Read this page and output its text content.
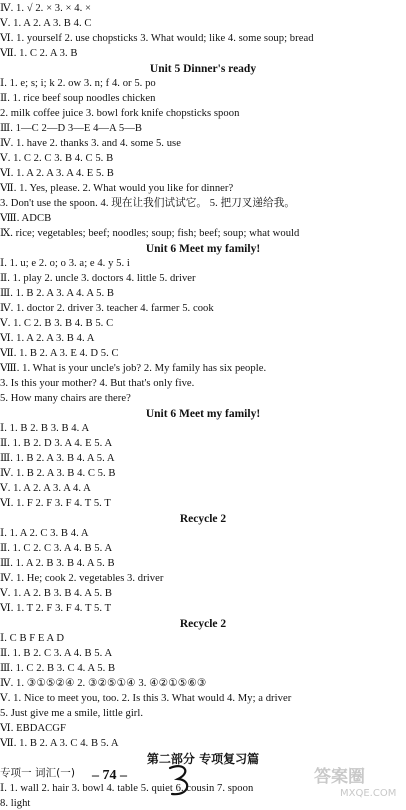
Ⅳ. 1. √ 2. × 3. × 4. ×
Ⅴ. 1. A 2. A 3. B 4. C
Ⅵ. 1. yourself 2. use chopsticks 3. What would; like 4. some soup; bread
Ⅶ. 1. C 2. A 3. B
Unit 5 Dinner's ready
Ⅰ. 1. e; s; i; k 2. ow 3. n; f 4. or 5. po
Ⅱ. 1. rice beef soup noodles chicken
2. milk coffee juice 3. bowl fork knife chopsticks spoon
Ⅲ. 1—C 2—D 3—E 4—A 5—B
Ⅳ. 1. have 2. thanks 3. and 4. some 5. use
Ⅴ. 1. C 2. C 3. B 4. C 5. B
Ⅵ. 1. A 2. A 3. A 4. E 5. B
Ⅶ. 1. Yes, please. 2. What would you like for dinner?
3. Don't use the spoon. 4. 现在让我们试试它。 5. 把刀叉递给我。
Ⅷ. ADCB
Ⅸ. rice; vegetables; beef; noodles; soup; fish; beef; soup; what would
Unit 6 Meet my family!
Ⅰ. 1. u; e 2. o; o 3. a; e 4. y 5. i
Ⅱ. 1. play 2. uncle 3. doctors 4. little 5. driver
Ⅲ. 1. B 2. A 3. A 4. A 5. B
Ⅳ. 1. doctor 2. driver 3. teacher 4. farmer 5. cook
Ⅴ. 1. C 2. B 3. B 4. B 5. C
Ⅵ. 1. A 2. A 3. B 4. A
Ⅶ. 1. B 2. A 3. E 4. D 5. C
Ⅷ. 1. What is your uncle's job? 2. My family has six people.
3. Is this your mother? 4. But that's only five.
5. How many chairs are there?
Unit 6 Meet my family!
Ⅰ. 1. B 2. B 3. B 4. A
Ⅱ. 1. B 2. D 3. A 4. E 5. A
Ⅲ. 1. B 2. A 3. B 4. A 5. A
Ⅳ. 1. B 2. A 3. B 4. C 5. B
Ⅴ. 1. A 2. A 3. A 4. A
Ⅵ. 1. F 2. F 3. F 4. T 5. T
Recycle 2
Ⅰ. 1. A 2. C 3. B 4. A
Ⅱ. 1. C 2. C 3. A 4. B 5. A
Ⅲ. 1. A 2. B 3. B 4. A 5. B
Ⅳ. 1. He; cook 2. vegetables 3. driver
Ⅴ. 1. A 2. B 3. B 4. A 5. B
Ⅵ. 1. T 2. F 3. F 4. T 5. T
Recycle 2
Ⅰ. C B F E A D
Ⅱ. 1. B 2. C 3. A 4. B 5. A
Ⅲ. 1. C 2. B 3. C 4. A 5. B
Ⅳ. 1. ③①⑤②④ 2. ③②⑤①④ 3. ④②①⑤⑥③
Ⅴ. 1. Nice to meet you, too. 2. Is this 3. What would 4. My; a driver
5. Just give me a smile, little girl.
Ⅵ. EBDACGF
Ⅶ. 1. B 2. A 3. C 4. B 5. A
第二部分 专项复习篇
专项一 词汇(一)
Ⅰ. 1. wall 2. hair 3. bowl 4. table 5. quiet 6. cousin 7. spoon
8. light
– 74 –	答案圈
MXQE.COM
